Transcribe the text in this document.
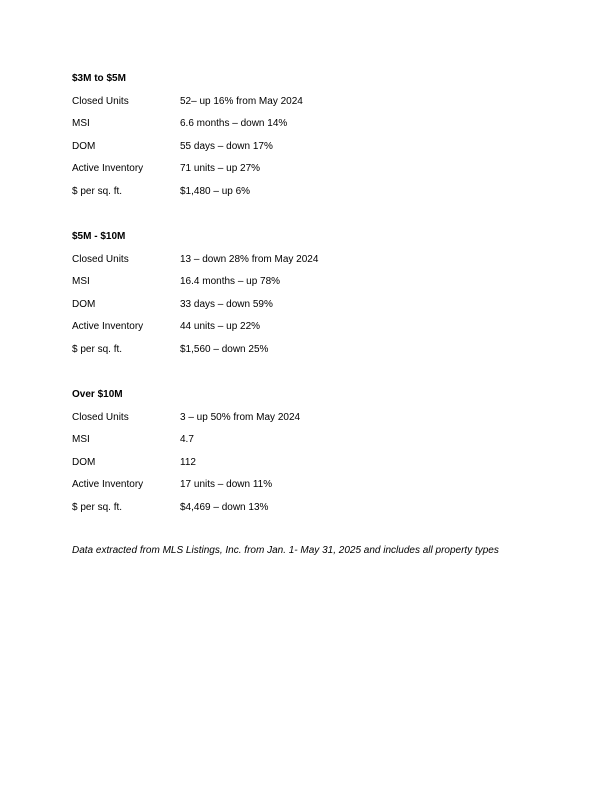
$3M to $5M
Closed Units	52– up 16% from May 2024
MSI	6.6 months – down 14%
DOM	55 days – down 17%
Active Inventory	71 units – up 27%
$ per sq. ft.	$1,480 – up 6%
$5M - $10M
Closed Units	13 – down 28% from May 2024
MSI	16.4 months – up 78%
DOM	33 days – down 59%
Active Inventory	44 units – up 22%
$ per sq. ft.	$1,560 – down 25%
Over $10M
Closed Units	3 – up 50% from May 2024
MSI	4.7
DOM	112
Active Inventory	17 units – down 11%
$ per sq. ft.	$4,469 – down 13%
Data extracted from MLS Listings, Inc. from Jan. 1- May 31, 2025 and includes all property types
